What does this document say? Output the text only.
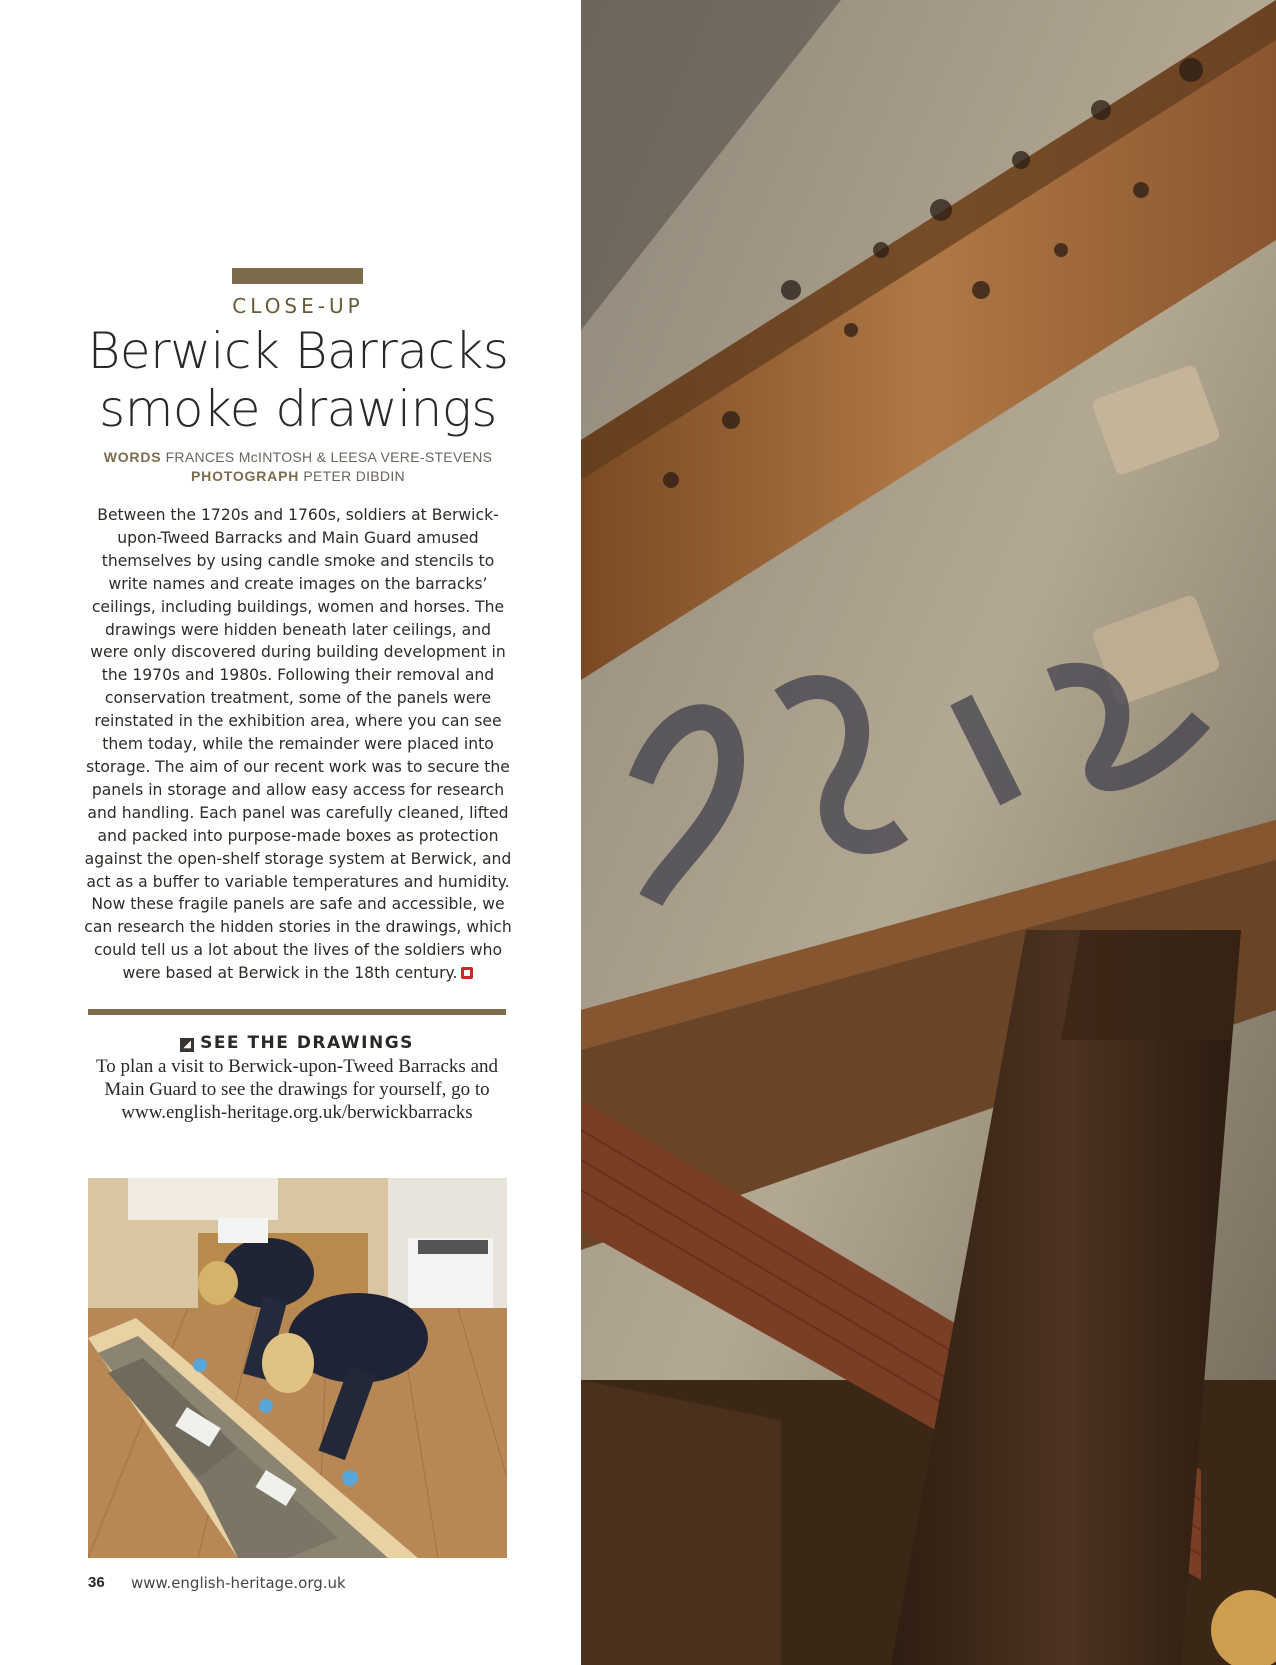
CLOSE-UP
Berwick Barracks
smoke drawings
WORDS FRANCES McINTOSH & LEESA VERE-STEVENS
PHOTOGRAPH PETER DIBDIN

Between the 1720s and 1760s, soldiers at Berwick-upon-Tweed Barracks and Main Guard amused themselves by using candle smoke and stencils to write names and create images on the barracks’ ceilings, including buildings, women and horses. The drawings were hidden beneath later ceilings, and were only discovered during building development in the 1970s and 1980s. Following their removal and conservation treatment, some of the panels were reinstated in the exhibition area, where you can see them today, while the remainder were placed into storage. The aim of our recent work was to secure the panels in storage and allow easy access for research and handling. Each panel was carefully cleaned, lifted and packed into purpose-made boxes as protection against the open-shelf storage system at Berwick, and act as a buffer to variable temperatures and humidity. Now these fragile panels are safe and accessible, we can research the hidden stories in the drawings, which could tell us a lot about the lives of the soldiers who were based at Berwick in the 18th century.

◢ SEE THE DRAWINGS

To plan a visit to Berwick-upon-Tweed Barracks and Main Guard to see the drawings for yourself, go to www.english-heritage.org.uk/berwickbarracks

36 www.english-heritage.org.uk
